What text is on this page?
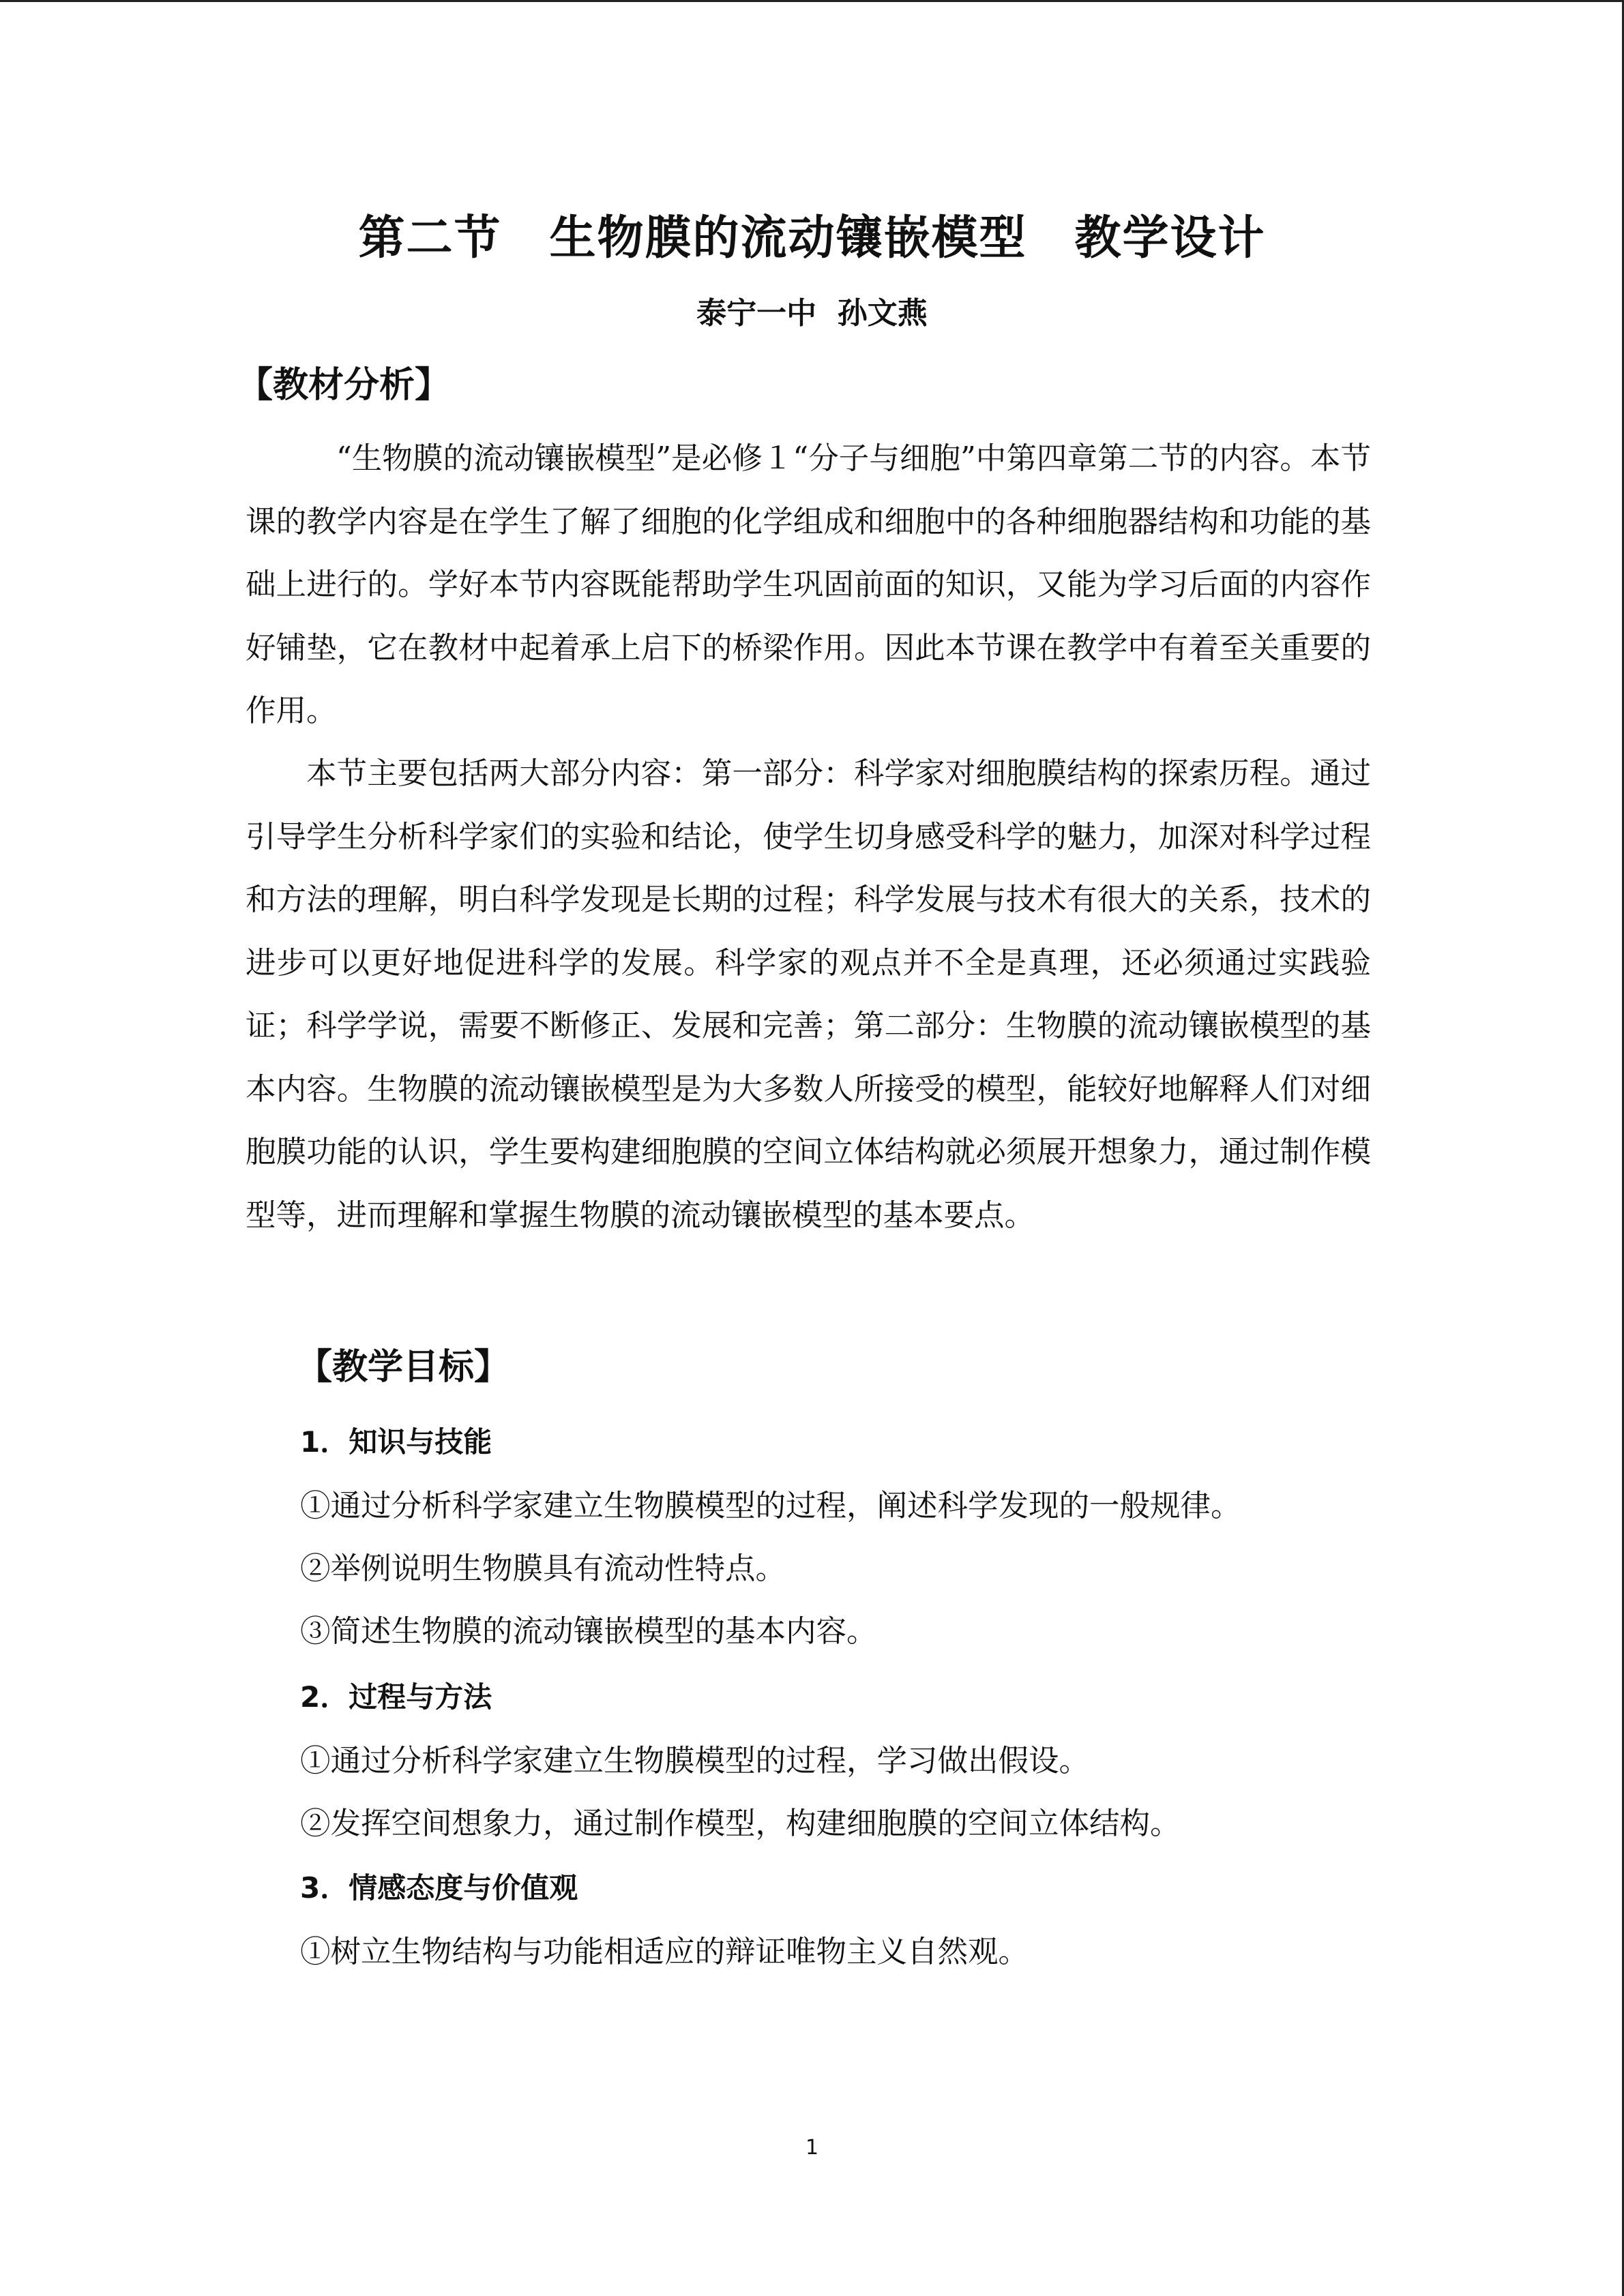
第二节　生物膜的流动镶嵌模型　教学设计
泰宁一中  孙文燕
【教材分析】

“生物膜的流动镶嵌模型”是必修１“分子与细胞”中第四章第二节的内容。本节课的教学内容是在学生了解了细胞的化学组成和细胞中的各种细胞器结构和功能的基础上进行的。学好本节内容既能帮助学生巩固前面的知识，又能为学习后面的内容作好铺垫，它在教材中起着承上启下的桥梁作用。因此本节课在教学中有着至关重要的作用。

本节主要包括两大部分内容：第一部分：科学家对细胞膜结构的探索历程。通过引导学生分析科学家们的实验和结论，使学生切身感受科学的魅力，加深对科学过程和方法的理解，明白科学发现是长期的过程；科学发展与技术有很大的关系，技术的进步可以更好地促进科学的发展。科学家的观点并不全是真理，还必须通过实践验证；科学学说，需要不断修正、发展和完善；第二部分：生物膜的流动镶嵌模型的基本内容。生物膜的流动镶嵌模型是为大多数人所接受的模型，能较好地解释人们对细胞膜功能的认识，学生要构建细胞膜的空间立体结构就必须展开想象力，通过制作模型等，进而理解和掌握生物膜的流动镶嵌模型的基本要点。

【教学目标】
1．知识与技能
①通过分析科学家建立生物膜模型的过程，阐述科学发现的一般规律。
②举例说明生物膜具有流动性特点。
③简述生物膜的流动镶嵌模型的基本内容。
2．过程与方法
①通过分析科学家建立生物膜模型的过程，学习做出假设。
②发挥空间想象力，通过制作模型，构建细胞膜的空间立体结构。
3．情感态度与价值观
①树立生物结构与功能相适应的辩证唯物主义自然观。
1
